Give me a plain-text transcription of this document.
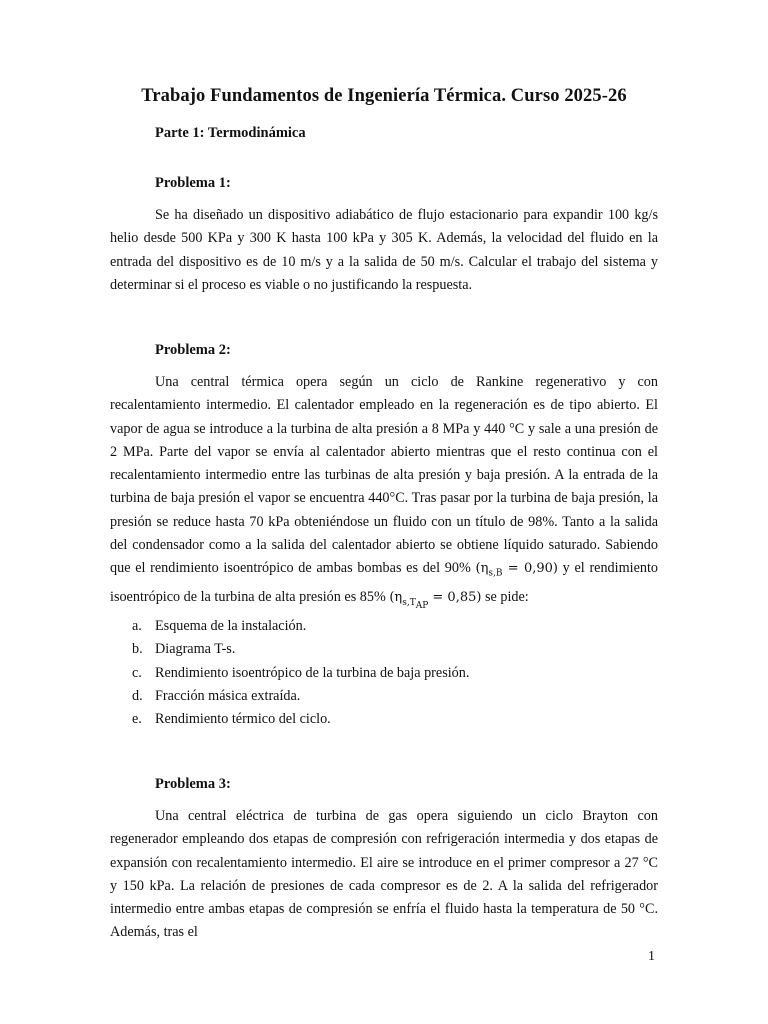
Trabajo Fundamentos de Ingeniería Térmica. Curso 2025-26
Parte 1: Termodinámica
Problema 1:
Se ha diseñado un dispositivo adiabático de flujo estacionario para expandir 100 kg/s helio desde 500 KPa y 300 K hasta 100 kPa y 305 K. Además, la velocidad del fluido en la entrada del dispositivo es de 10 m/s y a la salida de 50 m/s. Calcular el trabajo del sistema y determinar si el proceso es viable o no justificando la respuesta.
Problema 2:
Una central térmica opera según un ciclo de Rankine regenerativo y con recalentamiento intermedio. El calentador empleado en la regeneración es de tipo abierto. El vapor de agua se introduce a la turbina de alta presión a 8 MPa y 440 °C y sale a una presión de 2 MPa. Parte del vapor se envía al calentador abierto mientras que el resto continua con el recalentamiento intermedio entre las turbinas de alta presión y baja presión. A la entrada de la turbina de baja presión el vapor se encuentra 440°C. Tras pasar por la turbina de baja presión, la presión se reduce hasta 70 kPa obteniéndose un fluido con un título de 98%. Tanto a la salida del condensador como a la salida del calentador abierto se obtiene líquido saturado. Sabiendo que el rendimiento isoentrópico de ambas bombas es del 90% $(\eta_{s,B} = 0,90)$ y el rendimiento isoentrópico de la turbina de alta presión es 85% $(\eta_{s,T_{AP}} = 0,85)$ se pide:
a. Esquema de la instalación.
b. Diagrama T-s.
c. Rendimiento isoentrópico de la turbina de baja presión.
d. Fracción másica extraída.
e. Rendimiento térmico del ciclo.
Problema 3:
Una central eléctrica de turbina de gas opera siguiendo un ciclo Brayton con regenerador empleando dos etapas de compresión con refrigeración intermedia y dos etapas de expansión con recalentamiento intermedio. El aire se introduce en el primer compresor a 27 °C y 150 kPa. La relación de presiones de cada compresor es de 2. A la salida del refrigerador intermedio entre ambas etapas de compresión se enfría el fluido hasta la temperatura de 50 °C. Además, tras el
1
